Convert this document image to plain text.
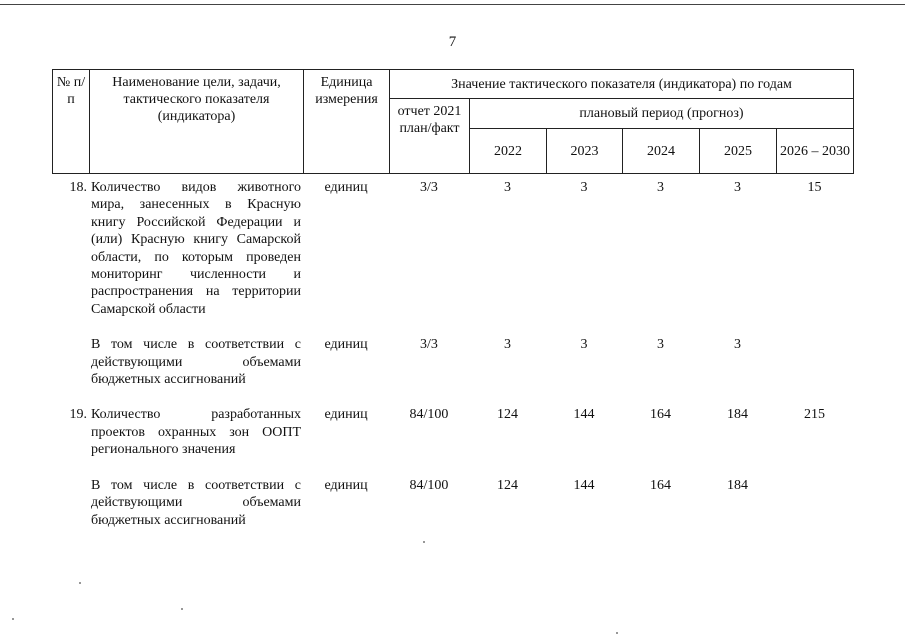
7
№ п/п	Наименование цели, задачи, тактического показателя (индикатора)	Единица измерения	Значение тактического показателя (индикатора) по годам					
			отчет 2021 план/факт	плановый период (прогноз)				
				2022	2023	2024	2025	2026 – 2030
18.	Количество видов животного мира, занесенных в Красную книгу Российской Федерации и (или) Красную книгу Самарской области, по которым проведен мониторинг численности и распространения на территории Самарской области	единиц	3/3	3	3	3	3	15

	В том числе в соответствии с действующими объемами бюджетных ассигнований	единиц	3/3	3	3	3	3	

19.	Количество разработанных проектов охранных зон ООПТ регионального значения	единиц	84/100	124	144	164	184	215

	В том числе в соответствии с действующими объемами бюджетных ассигнований	единиц	84/100	124	144	164	184	
